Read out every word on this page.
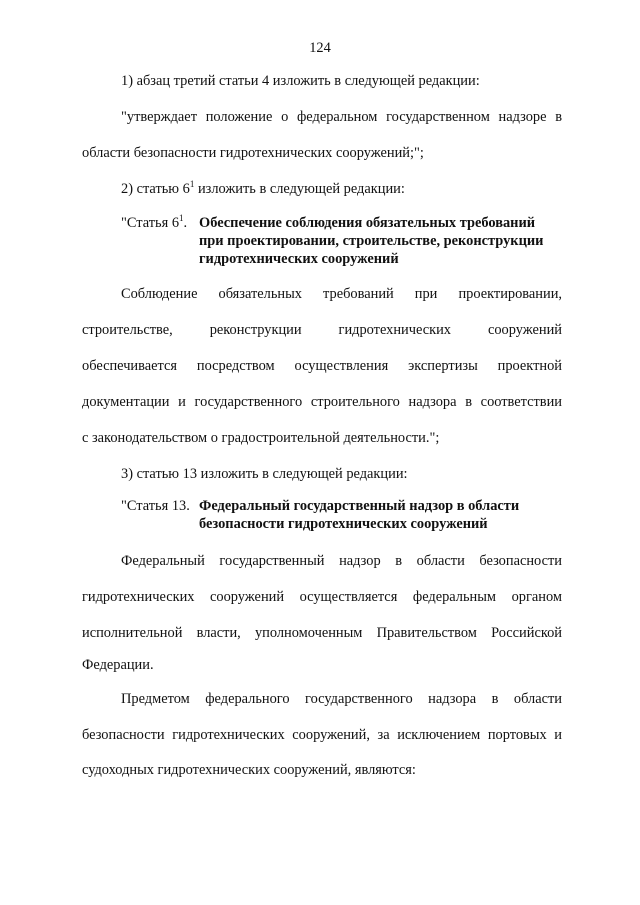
124
1) абзац третий статьи 4 изложить в следующей редакции:
"утверждает положение о федеральном государственном надзоре в
области безопасности гидротехнических сооружений;";
2) статью $6^1$ изложить в следующей редакции:
"Статья $6^1$. Обеспечение соблюдения обязательных требований
при проектировании, строительстве, реконструкции
гидротехнических сооружений
Соблюдение обязательных требований при проектировании,
строительстве, реконструкции гидротехнических сооружений
обеспечивается посредством осуществления экспертизы проектной
документации и государственного строительного надзора в соответствии
с законодательством о градостроительной деятельности.";
3) статью 13 изложить в следующей редакции:
"Статья 13. Федеральный государственный надзор в области
безопасности гидротехнических сооружений
Федеральный государственный надзор в области безопасности
гидротехнических сооружений осуществляется федеральным органом
исполнительной власти, уполномоченным Правительством Российской
Федерации.
Предметом федерального государственного надзора в области
безопасности гидротехнических сооружений, за исключением портовых и
судоходных гидротехнических сооружений, являются:
